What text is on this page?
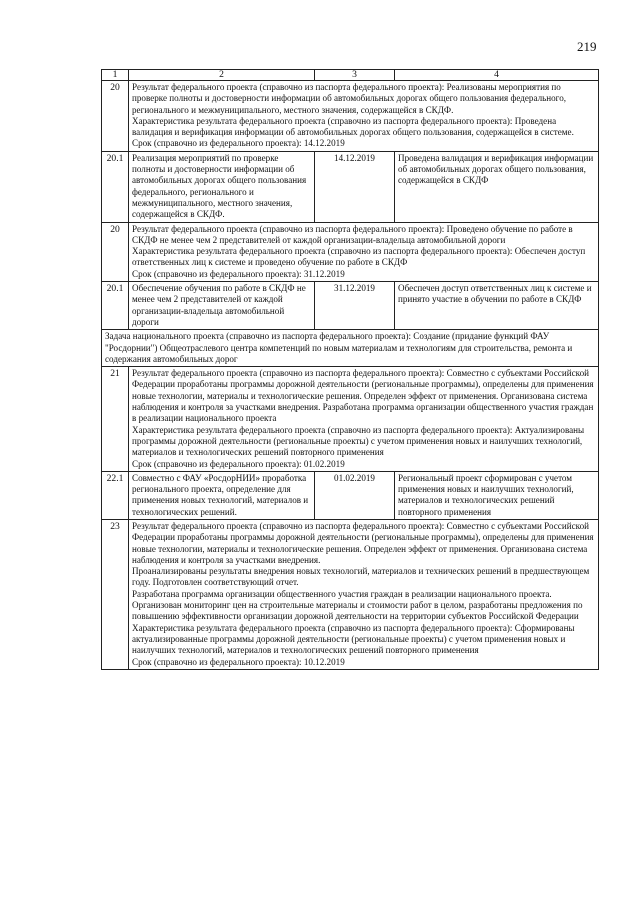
219
1	2	3	4
20	Результат федерального проекта (справочно из паспорта федерального проекта): Реализованы мероприятия по проверке полноты и достоверности информации об автомобильных дорогах общего пользования федерального, регионального и межмуниципального, местного значения, содержащейся в СКДФ.
Характеристика результата федерального проекта (справочно из паспорта федерального проекта): Проведена валидация и верификация информации об автомобильных дорогах общего пользования, содержащейся в системе.
Срок (справочно из федерального проекта): 14.12.2019		

20.1	Реализация мероприятий по проверке полноты и достоверности информации об автомобильных дорогах общего пользования федерального, регионального и межмуниципального, местного значения, содержащейся в СКДФ.	14.12.2019	Проведена валидация и верификация информации об автомобильных дорогах общего пользования, содержащейся в СКДФ
20	Результат федерального проекта (справочно из паспорта федерального проекта): Проведено обучение по работе в СКДФ не менее чем 2 представителей от каждой организации-владельца автомобильной дороги
Характеристика результата федерального проекта (справочно из паспорта федерального проекта): Обеспечен доступ ответственных лиц к системе и проведено обучение по работе в СКДФ
Срок (справочно из федерального проекта): 31.12.2019		

20.1	Обеспечение обучения по работе в СКДФ не менее чем 2 представителей от каждой организации-владельца автомобильной дороги	31.12.2019	Обеспечен доступ ответственных лиц к системе и принято участие в обучении по работе в СКДФ
Задача национального проекта (справочно из паспорта федерального проекта): Создание (придание функций ФАУ "Росдорнии") Общеотраслевого центра компетенций по новым материалам и технологиям для строительства, ремонта и содержания автомобильных дорог			
21	Результат федерального проекта (справочно из паспорта федерального проекта): Совместно с субъектами Российской Федерации проработаны программы дорожной деятельности (региональные программы), определены для применения новые технологии, материалы и технологические решения. Определен эффект от применения. Организована система наблюдения и контроля за участками внедрения. Разработана программа организации общественного участия граждан в реализации национального проекта
Характеристика результата федерального проекта (справочно из паспорта федерального проекта): Актуализированы программы дорожной деятельности (региональные проекты) с учетом применения новых и наилучших технологий, материалов и технологических решений повторного применения
Срок (справочно из федерального проекта): 01.02.2019		

22.1	Совместно с ФАУ «РосдорНИИ» проработка регионального проекта, определение для применения новых технологий, материалов и технологических решений.	01.02.2019	Региональный проект сформирован с учетом применения новых и наилучших технологий, материалов и технологических решений повторного применения
23	Результат федерального проекта (справочно из паспорта федерального проекта): Совместно с субъектами Российской Федерации проработаны программы дорожной деятельности (региональные программы), определены для применения новые технологии, материалы и технологические решения. Определен эффект от применения. Организована система наблюдения и контроля за участками внедрения.
Проанализированы результаты внедрения новых технологий, материалов и технических решений в предшествующем году. Подготовлен соответствующий отчет.
Разработана программа организации общественного участия граждан в реализации национального проекта. Организован мониторинг цен на строительные материалы и стоимости работ в целом, разработаны предложения по повышению эффективности организации дорожной деятельности на территории субъектов Российской Федерации
Характеристика результата федерального проекта (справочно из паспорта федерального проекта): Сформированы актуализированные программы дорожной деятельности (региональные проекты) с учетом применения новых и наилучших технологий, материалов и технологических решений повторного применения
Срок (справочно из федерального проекта): 10.12.2019		
